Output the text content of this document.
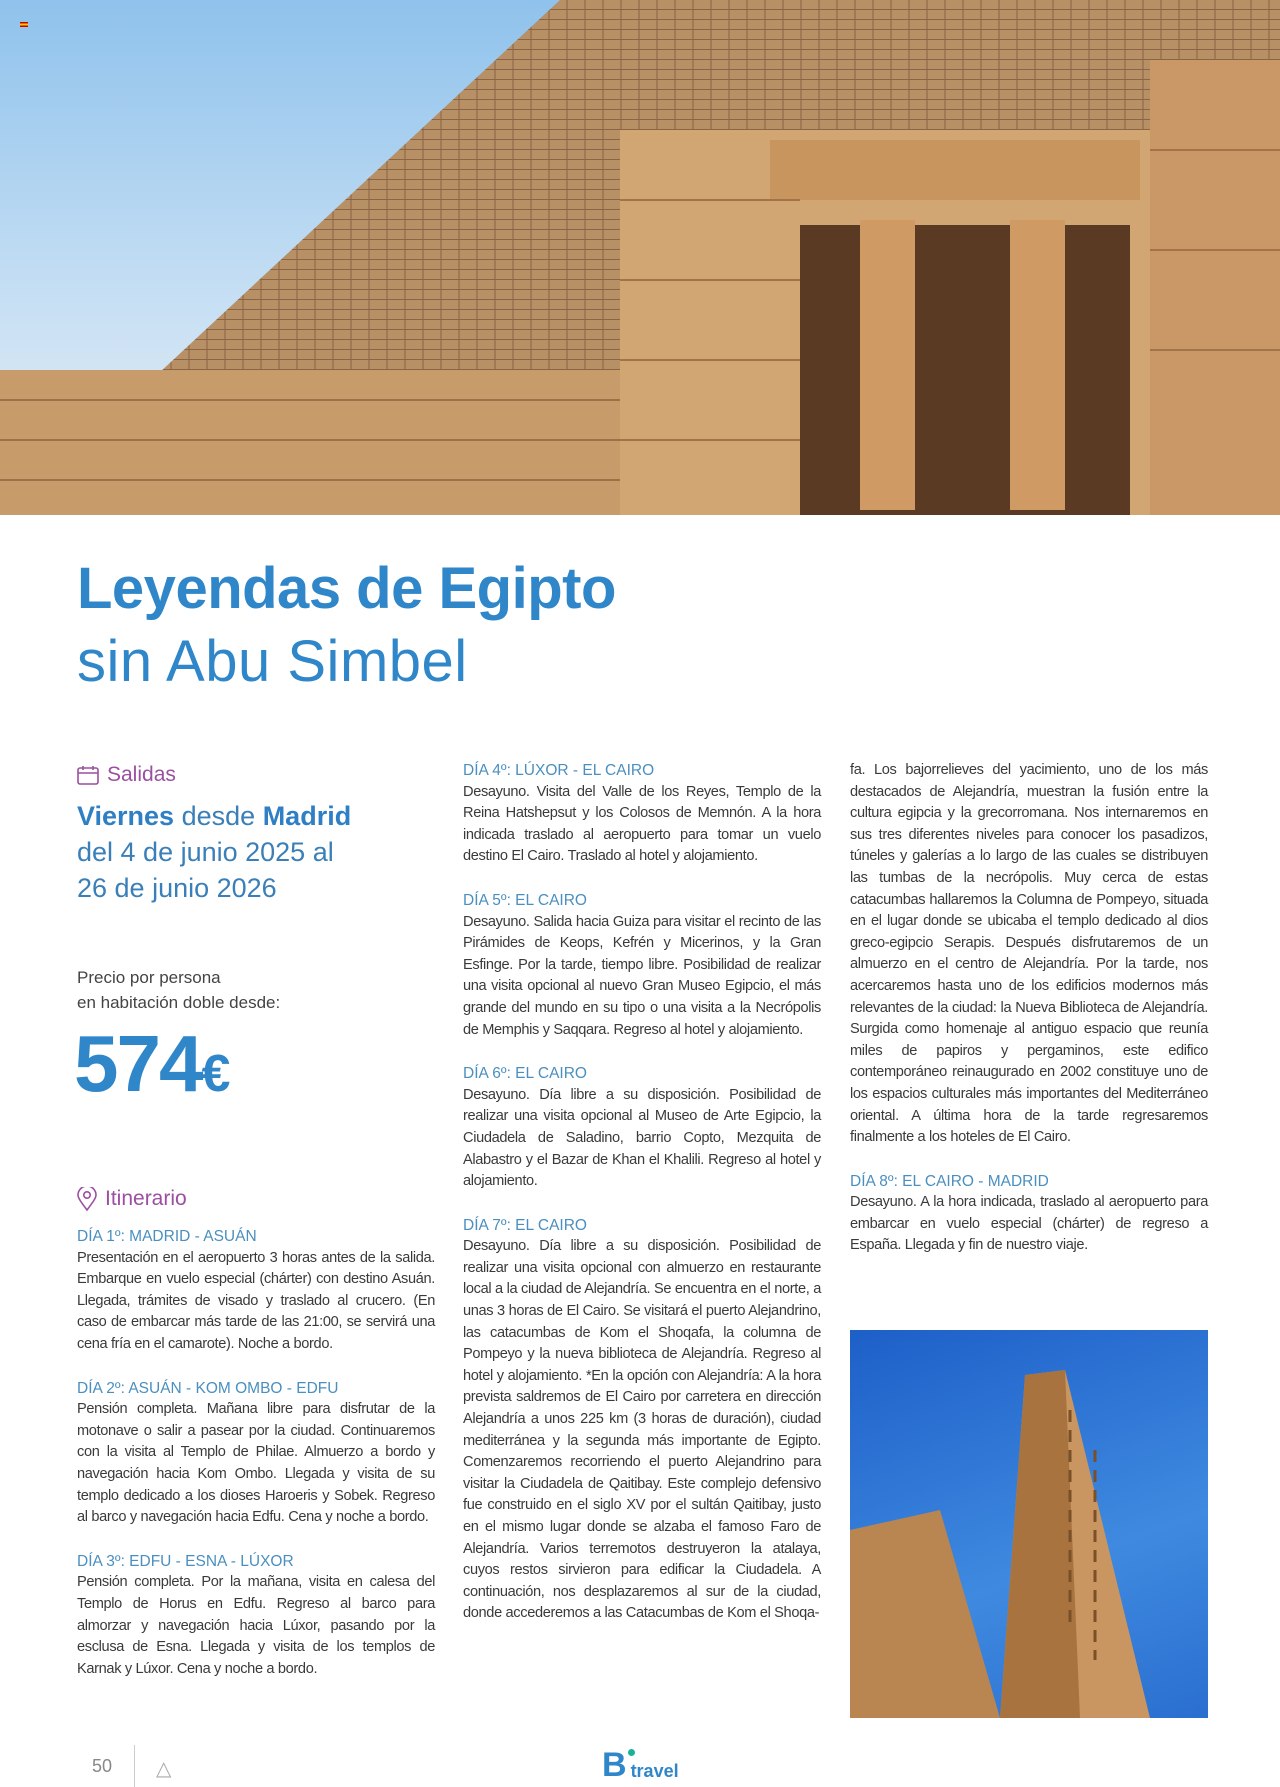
Leyendas de Egipto
sin Abu Simbel
Salidas
Viernes desde Madrid
del 4 de junio 2025 al
26 de junio 2026
Precio por persona
en habitación doble desde:
574€
Itinerario
DÍA 1º: MADRID - ASUÁN
Presentación en el aeropuerto 3 horas antes de la salida. Embarque en vuelo especial (chárter) con destino Asuán. Llegada, trámites de visado y traslado al crucero. (En caso de embarcar más tarde de las 21:00, se servirá una cena fría en el camarote). Noche a bordo.
DÍA 2º: ASUÁN - KOM OMBO - EDFU
Pensión completa. Mañana libre para disfrutar de la motonave o salir a pasear por la ciudad. Continuaremos con la visita al Templo de Philae. Almuerzo a bordo y navegación hacia Kom Ombo. Llegada y visita de su templo dedicado a los dioses Haroeris y Sobek. Regreso al barco y navegación hacia Edfu. Cena y noche a bordo.
DÍA 3º: EDFU - ESNA - LÚXOR
Pensión completa. Por la mañana, visita en calesa del Templo de Horus en Edfu. Regreso al barco para almorzar y navegación hacia Lúxor, pasando por la esclusa de Esna. Llegada y visita de los templos de Karnak y Lúxor. Cena y noche a bordo.
DÍA 4º: LÚXOR - EL CAIRO
Desayuno. Visita del Valle de los Reyes, Templo de la Reina Hatshepsut y los Colosos de Memnón. A la hora indicada traslado al aeropuerto para tomar un vuelo destino El Cairo. Traslado al hotel y alojamiento.
DÍA 5º: EL CAIRO
Desayuno. Salida hacia Guiza para visitar el recinto de las Pirámides de Keops, Kefrén y Micerinos, y la Gran Esfinge. Por la tarde, tiempo libre. Posibilidad de realizar una visita opcional al nuevo Gran Museo Egipcio, el más grande del mundo en su tipo o una visita a la Necrópolis de Memphis y Saqqara. Regreso al hotel y alojamiento.
DÍA 6º: EL CAIRO
Desayuno. Día libre a su disposición. Posibilidad de realizar una visita opcional al Museo de Arte Egipcio, la Ciudadela de Saladino, barrio Copto, Mezquita de Alabastro y el Bazar de Khan el Khalili. Regreso al hotel y alojamiento.
DÍA 7º: EL CAIRO
Desayuno. Día libre a su disposición. Posibilidad de realizar una visita opcional con almuerzo en restaurante local a la ciudad de Alejandría. Se encuentra en el norte, a unas 3 horas de El Cairo. Se visitará el puerto Alejandrino, las catacumbas de Kom el Shoqafa, la columna de Pompeyo y la nueva biblioteca de Alejandría. Regreso al hotel y alojamiento. *En la opción con Alejandría: A la hora prevista saldremos de El Cairo por carretera en dirección Alejandría a unos 225 km (3 horas de duración), ciudad mediterránea y la segunda más importante de Egipto. Comenzaremos recorriendo el puerto Alejandrino para visitar la Ciudadela de Qaitibay. Este complejo defensivo fue construido en el siglo XV por el sultán Qaitibay, justo en el mismo lugar donde se alzaba el famoso Faro de Alejandría. Varios terremotos destruyeron la atalaya, cuyos restos sirvieron para edificar la Ciudadela. A continuación, nos desplazaremos al sur de la ciudad, donde accederemos a las Catacumbas de Kom el Shoqa-
fa. Los bajorrelieves del yacimiento, uno de los más destacados de Alejandría, muestran la fusión entre la cultura egipcia y la grecorromana. Nos internaremos en sus tres diferentes niveles para conocer los pasadizos, túneles y galerías a lo largo de las cuales se distribuyen las tumbas de la necrópolis. Muy cerca de estas catacumbas hallaremos la Columna de Pompeyo, situada en el lugar donde se ubicaba el templo dedicado al dios greco-egipcio Serapis. Después disfrutaremos de un almuerzo en el centro de Alejandría. Por la tarde, nos acercaremos hasta uno de los edificios modernos más relevantes de la ciudad: la Nueva Biblioteca de Alejandría. Surgida como homenaje al antiguo espacio que reunía miles de papiros y pergaminos, este edifico contemporáneo reinaugurado en 2002 constituye uno de los espacios culturales más importantes del Mediterráneo oriental. A última hora de la tarde regresaremos finalmente a los hoteles de El Cairo.
DÍA 8º: EL CAIRO - MADRID
Desayuno. A la hora indicada, traslado al aeropuerto para embarcar en vuelo especial (chárter) de regreso a España. Llegada y fin de nuestro viaje.
50 △	B travel
